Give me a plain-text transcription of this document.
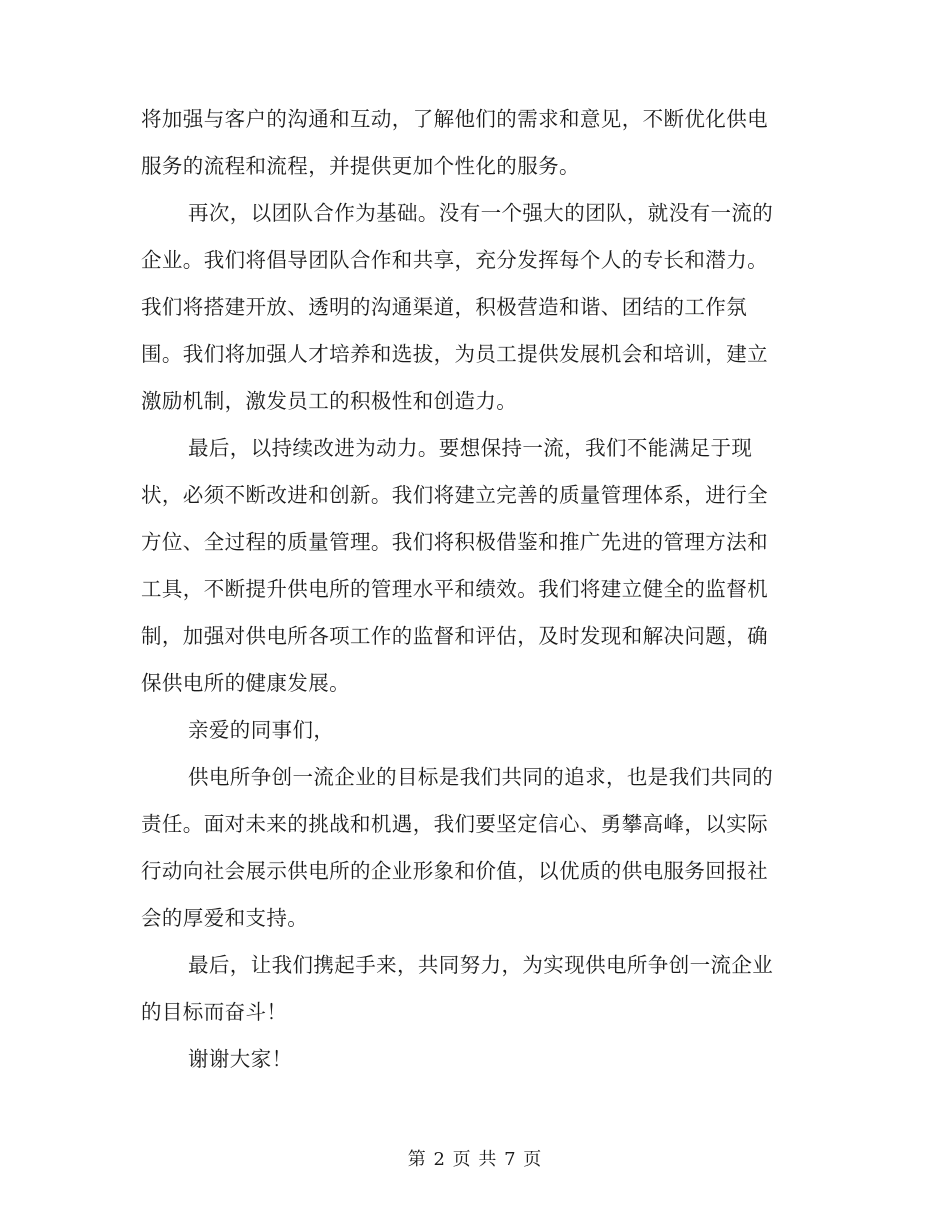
将加强与客户的沟通和互动，了解他们的需求和意见，不断优化供电
服务的流程和流程，并提供更加个性化的服务。
再次，以团队合作为基础。没有一个强大的团队，就没有一流的
企业。我们将倡导团队合作和共享，充分发挥每个人的专长和潜力。
我们将搭建开放、透明的沟通渠道，积极营造和谐、团结的工作氛
围。我们将加强人才培养和选拔，为员工提供发展机会和培训，建立
激励机制，激发员工的积极性和创造力。
最后，以持续改进为动力。要想保持一流，我们不能满足于现
状，必须不断改进和创新。我们将建立完善的质量管理体系，进行全
方位、全过程的质量管理。我们将积极借鉴和推广先进的管理方法和
工具，不断提升供电所的管理水平和绩效。我们将建立健全的监督机
制，加强对供电所各项工作的监督和评估，及时发现和解决问题，确
保供电所的健康发展。
亲爱的同事们，
供电所争创一流企业的目标是我们共同的追求，也是我们共同的
责任。面对未来的挑战和机遇，我们要坚定信心、勇攀高峰，以实际
行动向社会展示供电所的企业形象和价值，以优质的供电服务回报社
会的厚爱和支持。
最后，让我们携起手来，共同努力，为实现供电所争创一流企业
的目标而奋斗！
谢谢大家！
第 2 页 共 7 页
